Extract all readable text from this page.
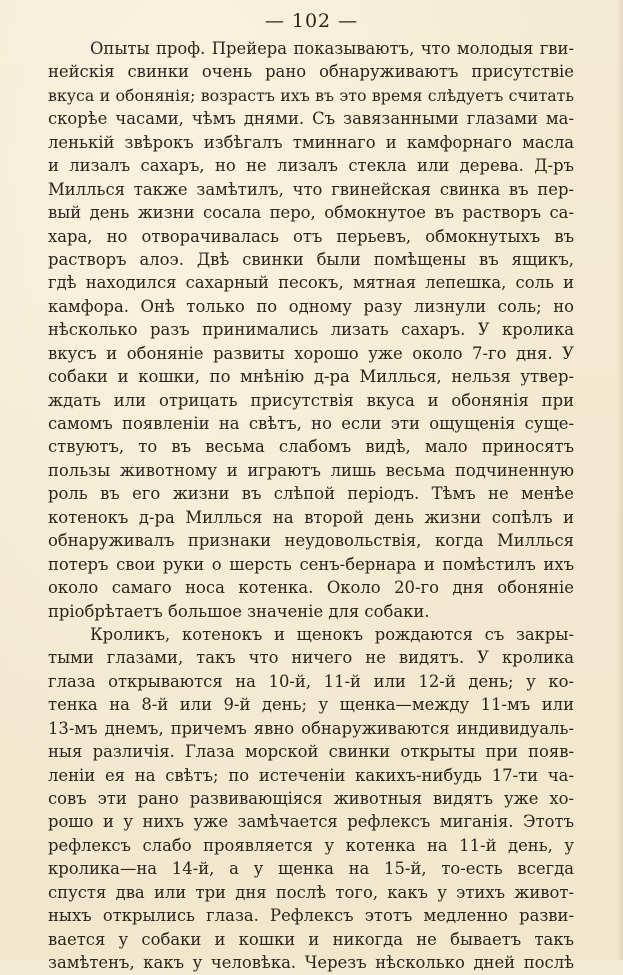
— 102 —
Опыты проф. Прейера показываютъ, что молодыя гви-
нейскія свинки очень рано обнаруживаютъ присутствіе
вкуса и обонянія; возрастъ ихъ въ это время слѣдуетъ считать
скорѣе часами, чѣмъ днями. Съ завязанными глазами ма-
ленькій звѣрокъ избѣгалъ тминнаго и камфорнаго масла
и лизалъ сахаръ, но не лизалъ стекла или дерева. Д-ръ
Миллься также замѣтилъ, что гвинейская свинка въ пер-
вый день жизни сосала перо, обмокнутое въ растворъ са-
хара, но отворачивалась отъ перьевъ, обмокнутыхъ въ
растворъ алоэ. Двѣ свинки были помѣщены въ ящикъ,
гдѣ находился сахарный песокъ, мятная лепешка, соль и
камфора. Онѣ только по одному разу лизнули соль; но
нѣсколько разъ принимались лизать сахаръ. У кролика
вкусъ и обоняніе развиты хорошо уже около 7-го дня. У
собаки и кошки, по мнѣнію д-ра Миллься, нельзя утвер-
ждать или отрицать присутствія вкуса и обонянія при
самомъ появленіи на свѣтъ, но если эти ощущенія суще-
ствуютъ, то въ весьма слабомъ видѣ, мало приносятъ
пользы животному и играютъ лишь весьма подчиненную
роль въ его жизни въ слѣпой періодъ. Тѣмъ не менѣе
котенокъ д-ра Миллься на второй день жизни сопѣлъ и
обнаруживалъ признаки неудовольствія, когда Миллься
потеръ свои руки о шерсть сенъ-бернара и помѣстилъ ихъ
около самаго носа котенка. Около 20-го дня обоняніе
пріобрѣтаетъ большое значеніе для собаки.
Кроликъ, котенокъ и щенокъ рождаются съ закры-
тыми глазами, такъ что ничего не видятъ. У кролика
глаза открываются на 10-й, 11-й или 12-й день; у ко-
тенка на 8-й или 9-й день; у щенка—между 11-мъ или
13-мъ днемъ, причемъ явно обнаруживаются индивидуаль-
ныя различія. Глаза морской свинки открыты при появ-
леніи ея на свѣтъ; по истеченіи какихъ-нибудь 17-ти ча-
совъ эти рано развивающіяся животныя видятъ уже хо-
рошо и у нихъ уже замѣчается рефлексъ миганія. Этотъ
рефлексъ слабо проявляется у котенка на 11-й день, у
кролика—на 14-й, а у щенка на 15-й, то-есть всегда
спустя два или три дня послѣ того, какъ у этихъ живот-
ныхъ открылись глаза. Рефлексъ этотъ медленно разви-
вается у собаки и кошки и никогда не бываетъ такъ
замѣтенъ, какъ у человѣка. Черезъ нѣсколько дней послѣ
